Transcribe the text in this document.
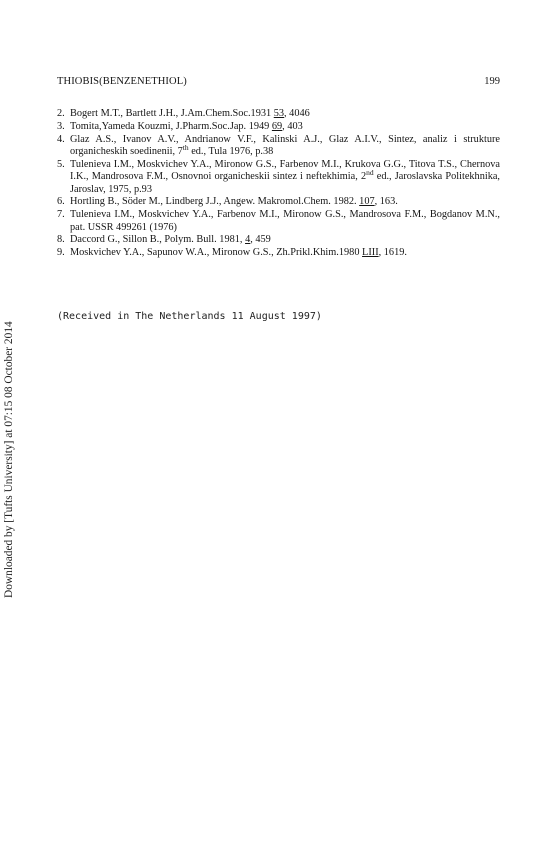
THIOBIS(BENZENETHIOL)	199
2. Bogert M.T., Bartlett J.H., J.Am.Chem.Soc.1931 53, 4046
3. Tomita,Yameda Kouzmi, J.Pharm.Soc.Jap. 1949 69, 403
4. Glaz A.S., Ivanov A.V., Andrianow V.F., Kalinski A.J., Glaz A.I.V., Sintez, analiz i strukture organicheskih soedinenii, 7th ed., Tula 1976, p.38
5. Tulenieva I.M., Moskvichev Y.A., Mironow G.S., Farbenov M.I., Krukova G.G., Titova T.S., Chernova I.K., Mandrosova F.M., Osnovnoi organicheskii sintez i neftekhimia, 2nd ed., Jaroslavska Politekhnika, Jaroslav, 1975, p.93
6. Hortling B., Söder M., Lindberg J.J., Angew. Makromol.Chem. 1982. 107, 163.
7. Tulenieva I.M., Moskvichev Y.A., Farbenov M.I., Mironow G.S., Mandrosova F.M., Bogdanov M.N., pat. USSR 499261 (1976)
8. Daccord G., Sillon B., Polym. Bull. 1981, 4, 459
9. Moskvichev Y.A., Sapunov W.A., Mironow G.S., Zh.Prikl.Khim.1980 LIII, 1619.
(Received in The Netherlands 11 August 1997)
Downloaded by [Tufts University] at 07:15 08 October 2014
